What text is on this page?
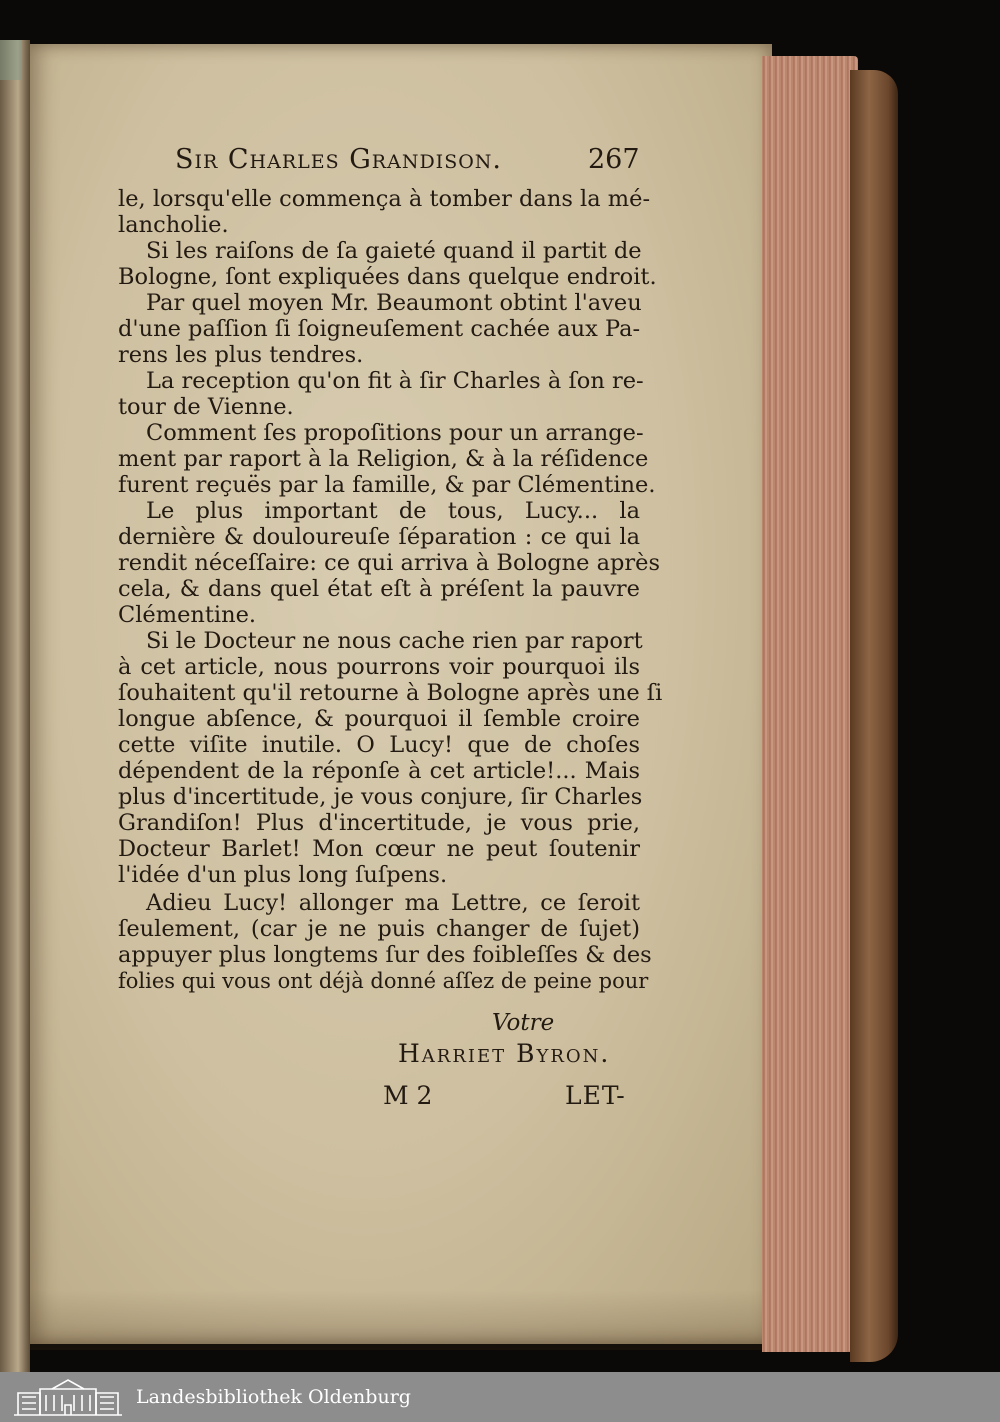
Sir Charles Grandison.	267
le, lorsqu'elle commença à tomber dans la mé-
lancholie.
Si les raiſons de ſa gaieté quand il partit de
Bologne, ſont expliquées dans quelque endroit.
Par quel moyen Mr. Beaumont obtint l'aveu
d'une paſſion ſi ſoigneuſement cachée aux Pa-
rens les plus tendres.
La reception qu'on fit à ſir Charles à ſon re-
tour de Vienne.
Comment ſes propoſitions pour un arrange-
ment par raport à la Religion, & à la réſidence
furent reçuës par la famille, & par Clémentine.
Le plus important de tous, Lucy... la
dernière & douloureuſe ſéparation : ce qui la
rendit néceſſaire: ce qui arriva à Bologne après
cela, & dans quel état eſt à préſent la pauvre
Clémentine.
Si le Docteur ne nous cache rien par raport
à cet article, nous pourrons voir pourquoi ils
ſouhaitent qu'il retourne à Bologne après une ſi
longue abſence, & pourquoi il ſemble croire
cette viſite inutile. O Lucy! que de choſes
dépendent de la réponſe à cet article!... Mais
plus d'incertitude, je vous conjure, ſir Charles
Grandiſon! Plus d'incertitude, je vous prie,
Docteur Barlet! Mon cœur ne peut ſoutenir
l'idée d'un plus long ſuſpens.
Adieu Lucy! allonger ma Lettre, ce ſeroit
ſeulement, (car je ne puis changer de ſujet)
appuyer plus longtems ſur des foibleſſes & des
folies qui vous ont déjà donné aſſez de peine pour
Votre
Harriet Byron.
M 2	LET-
Landesbibliothek Oldenburg
